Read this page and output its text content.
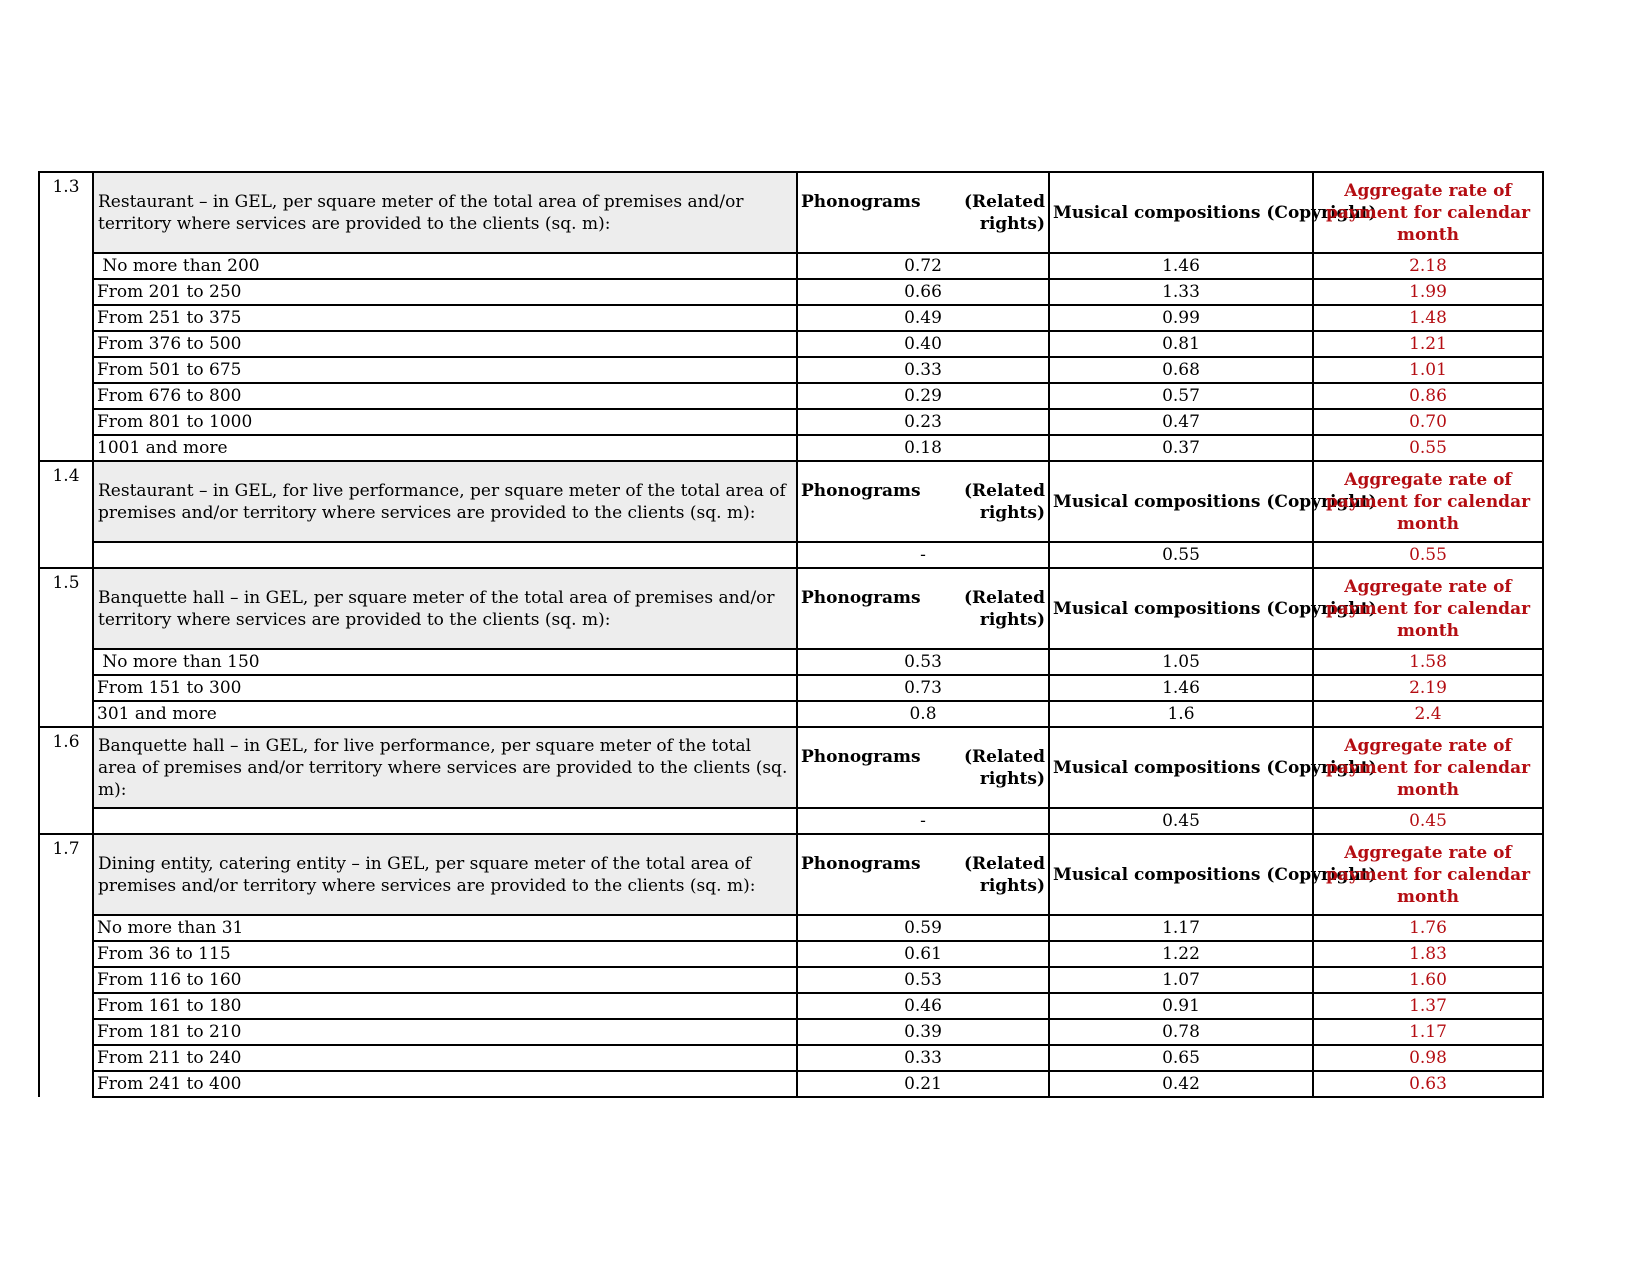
1.3	Restaurant – in GEL, per square meter of the total area of premises and/or territory where services are provided to the clients (sq. m):	Phonograms (Related rights)	Musical compositions (Copyright)	Aggregate rate of payment for calendar month
	No more than 200	0.72	1.46	2.18
	From 201 to 250	0.66	1.33	1.99
	From 251 to 375	0.49	0.99	1.48
	From 376 to 500	0.40	0.81	1.21
	From 501 to 675	0.33	0.68	1.01
	From 676 to 800	0.29	0.57	0.86
	From 801 to 1000	0.23	0.47	0.70
	1001 and more	0.18	0.37	0.55
1.4	Restaurant – in GEL, for live performance, per square meter of the total area of premises and/or territory where services are provided to the clients (sq. m):	Phonograms (Related rights)	Musical compositions (Copyright)	Aggregate rate of payment for calendar month
		-	0.55	0.55
1.5	Banquette hall – in GEL, per square meter of the total area of premises and/or territory where services are provided to the clients (sq. m):	Phonograms (Related rights)	Musical compositions (Copyright)	Aggregate rate of payment for calendar month
	No more than 150	0.53	1.05	1.58
	From 151 to 300	0.73	1.46	2.19
	301 and more	0.8	1.6	2.4
1.6	Banquette hall – in GEL, for live performance, per square meter of the total area of premises and/or territory where services are provided to the clients (sq. m):	Phonograms (Related rights)	Musical compositions (Copyright)	Aggregate rate of payment for calendar month
		-	0.45	0.45
1.7	Dining entity, catering entity – in GEL, per square meter of the total area of premises and/or territory where services are provided to the clients (sq. m):	Phonograms (Related rights)	Musical compositions (Copyright)	Aggregate rate of payment for calendar month
	No more than 31	0.59	1.17	1.76
	From 36 to 115	0.61	1.22	1.83
	From 116 to 160	0.53	1.07	1.60
	From 161 to 180	0.46	0.91	1.37
	From 181 to 210	0.39	0.78	1.17
	From 211 to 240	0.33	0.65	0.98
	From 241 to 400	0.21	0.42	0.63
